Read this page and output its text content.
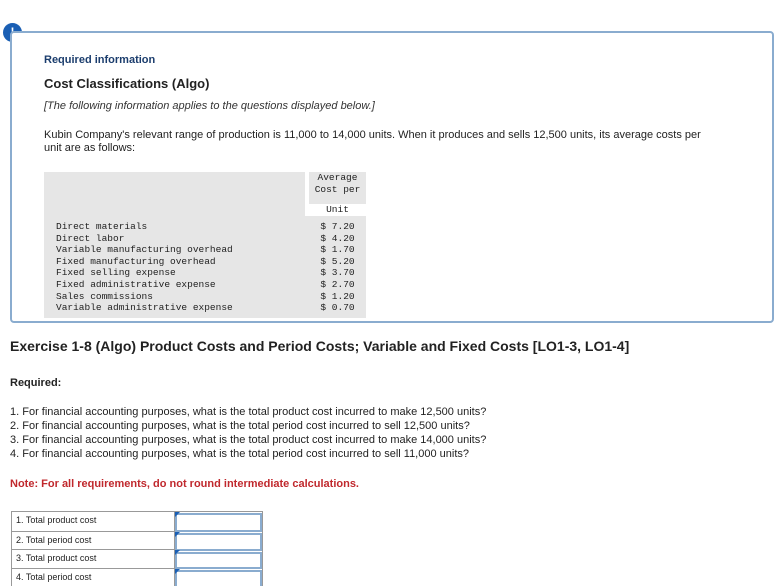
Required information
Cost Classifications (Algo)
[The following information applies to the questions displayed below.]
Kubin Company's relevant range of production is 11,000 to 14,000 units. When it produces and sells 12,500 units, its average costs per unit are as follows:
Average
Cost per
Unit
Direct materials
Direct labor
Variable manufacturing overhead
Fixed manufacturing overhead
Fixed selling expense
Fixed administrative expense
Sales commissions
Variable administrative expense
$ 7.20
$ 4.20
$ 1.70
$ 5.20
$ 3.70
$ 2.70
$ 1.20
$ 0.70
Exercise 1-8 (Algo) Product Costs and Period Costs; Variable and Fixed Costs [LO1-3, LO1-4]
Required:
1. For financial accounting purposes, what is the total product cost incurred to make 12,500 units?
2. For financial accounting purposes, what is the total period cost incurred to sell 12,500 units?
3. For financial accounting purposes, what is the total product cost incurred to make 14,000 units?
4. For financial accounting purposes, what is the total period cost incurred to sell 11,000 units?
Note: For all requirements, do not round intermediate calculations.
1. Total product cost
2. Total period cost
3. Total product cost
4. Total period cost
